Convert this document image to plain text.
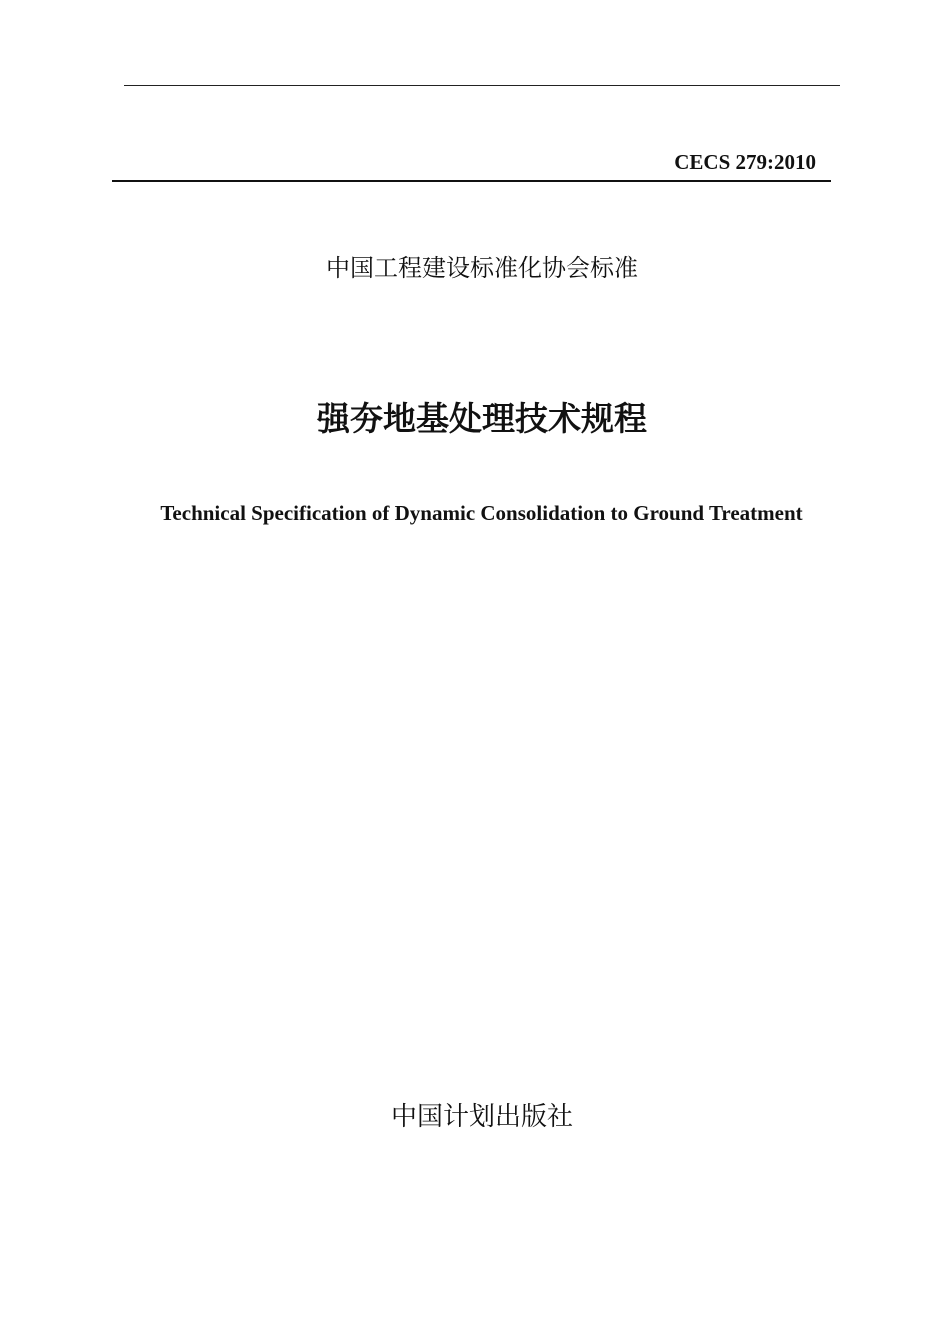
CECS 279:2010
中国工程建设标准化协会标准
强夯地基处理技术规程
Technical Specification of Dynamic Consolidation to Ground Treatment
中国计划出版社
